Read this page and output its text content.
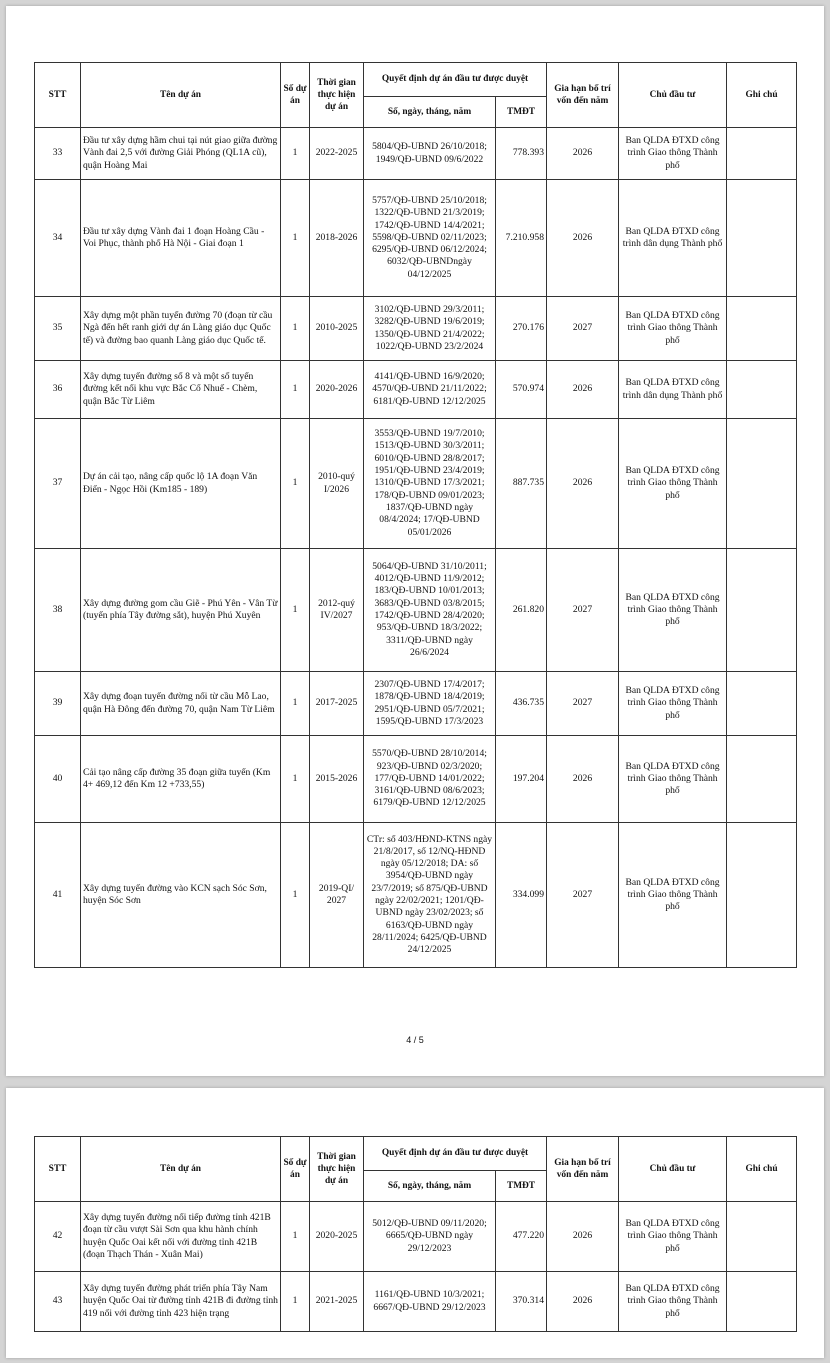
STT	Tên dự án	Số dự án	Thời gian thực hiện dự án	Quyết định dự án đầu tư được duyệt		Gia hạn bố trí vốn đến năm	Chủ đầu tư	Ghi chú
				Số, ngày, tháng, năm	TMĐT			
33	Đầu tư xây dựng hầm chui tại nút giao giữa đường Vành đai 2,5 với đường Giải Phóng (QL1A cũ), quận Hoàng Mai	1	2022-2025	5804/QĐ-UBND 26/10/2018; 1949/QĐ-UBND 09/6/2022	778.393	2026	Ban QLDA ĐTXD công trình Giao thông Thành phố	
34	Đầu tư xây dựng Vành đai 1 đoạn Hoàng Cầu - Voi Phục, thành phố Hà Nội - Giai đoạn 1	1	2018-2026	5757/QĐ-UBND 25/10/2018; 1322/QĐ-UBND 21/3/2019; 1742/QĐ-UBND 14/4/2021; 5598/QĐ-UBND 02/11/2023; 6295/QĐ-UBND 06/12/2024; 6032/QĐ-UBNDngày 04/12/2025	7.210.958	2026	Ban QLDA ĐTXD công trình dân dụng Thành phố	
35	Xây dựng một phần tuyến đường 70 (đoạn từ cầu Ngà đến hết ranh giới dự án Làng giáo dục Quốc tế) và đường bao quanh Làng giáo dục Quốc tế.	1	2010-2025	3102/QĐ-UBND 29/3/2011; 3282/QĐ-UBND 19/6/2019; 1350/QĐ-UBND 21/4/2022; 1022/QĐ-UBND 23/2/2024	270.176	2027	Ban QLDA ĐTXD công trình Giao thông Thành phố	
36	Xây dựng tuyến đường số 8 và một số tuyến đường kết nối khu vực Bắc Cổ Nhuế - Chèm, quận Bắc Từ Liêm	1	2020-2026	4141/QĐ-UBND 16/9/2020; 4570/QĐ-UBND 21/11/2022; 6181/QĐ-UBND 12/12/2025	570.974	2026	Ban QLDA ĐTXD công trình dân dụng Thành phố	
37	Dự án cải tạo, nâng cấp quốc lộ 1A đoạn Văn Điển - Ngọc Hồi (Km185 - 189)	1	2010-quý I/2026	3553/QĐ-UBND 19/7/2010; 1513/QĐ-UBND 30/3/2011; 6010/QĐ-UBND 28/8/2017; 1951/QĐ-UBND 23/4/2019; 1310/QĐ-UBND 17/3/2021; 178/QĐ-UBND 09/01/2023; 1837/QĐ-UBND ngày 08/4/2024; 17/QĐ-UBND 05/01/2026	887.735	2026	Ban QLDA ĐTXD công trình Giao thông Thành phố	
38	Xây dựng đường gom cầu Giẽ - Phú Yên - Vân Từ (tuyến phía Tây đường sắt), huyện Phú Xuyên	1	2012-quý IV/2027	5064/QĐ-UBND 31/10/2011; 4012/QĐ-UBND 11/9/2012; 183/QĐ-UBND 10/01/2013; 3683/QĐ-UBND 03/8/2015; 1742/QĐ-UBND 28/4/2020; 953/QĐ-UBND 18/3/2022; 3311/QĐ-UBND ngày 26/6/2024	261.820	2027	Ban QLDA ĐTXD công trình Giao thông Thành phố	
39	Xây dựng đoạn tuyến đường nối từ cầu Mỗ Lao, quận Hà Đông đến đường 70, quận Nam Từ Liêm	1	2017-2025	2307/QĐ-UBND 17/4/2017; 1878/QĐ-UBND 18/4/2019; 2951/QĐ-UBND 05/7/2021; 1595/QĐ-UBND 17/3/2023	436.735	2027	Ban QLDA ĐTXD công trình Giao thông Thành phố	
40	Cải tạo nâng cấp đường 35 đoạn giữa tuyến (Km 4+ 469,12 đến Km 12 +733,55)	1	2015-2026	5570/QĐ-UBND 28/10/2014; 923/QĐ-UBND 02/3/2020; 177/QĐ-UBND 14/01/2022; 3161/QĐ-UBND 08/6/2023; 6179/QĐ-UBND 12/12/2025	197.204	2026	Ban QLDA ĐTXD công trình Giao thông Thành phố	
41	Xây dựng tuyến đường vào KCN sạch Sóc Sơn, huyện Sóc Sơn	1	2019-QI/ 2027	CTr: số 403/HĐND-KTNS ngày 21/8/2017, số 12/NQ-HĐND ngày 05/12/2018; DA: số 3954/QĐ-UBND ngày 23/7/2019; số 875/QĐ-UBND ngày 22/02/2021; 1201/QĐ-UBND ngày 23/02/2023; số 6163/QĐ-UBND ngày 28/11/2024; 6425/QĐ-UBND 24/12/2025	334.099	2027	Ban QLDA ĐTXD công trình Giao thông Thành phố	
4 / 5
STT	Tên dự án	Số dự án	Thời gian thực hiện dự án	Quyết định dự án đầu tư được duyệt		Gia hạn bố trí vốn đến năm	Chủ đầu tư	Ghi chú
				Số, ngày, tháng, năm	TMĐT			
42	Xây dựng tuyến đường nối tiếp đường tỉnh 421B đoạn từ cầu vượt Sài Sơn qua khu hành chính huyện Quốc Oai kết nối với đường tỉnh 421B (đoạn Thạch Thán - Xuân Mai)	1	2020-2025	5012/QĐ-UBND 09/11/2020; 6665/QĐ-UBND ngày 29/12/2023	477.220	2026	Ban QLDA ĐTXD công trình Giao thông Thành phố	
43	Xây dựng tuyến đường phát triển phía Tây Nam huyện Quốc Oai từ đường tỉnh 421B đi đường tỉnh 419 nối với đường tỉnh 423 hiện trạng	1	2021-2025	1161/QĐ-UBND 10/3/2021; 6667/QĐ-UBND 29/12/2023	370.314	2026	Ban QLDA ĐTXD công trình Giao thông Thành phố	
